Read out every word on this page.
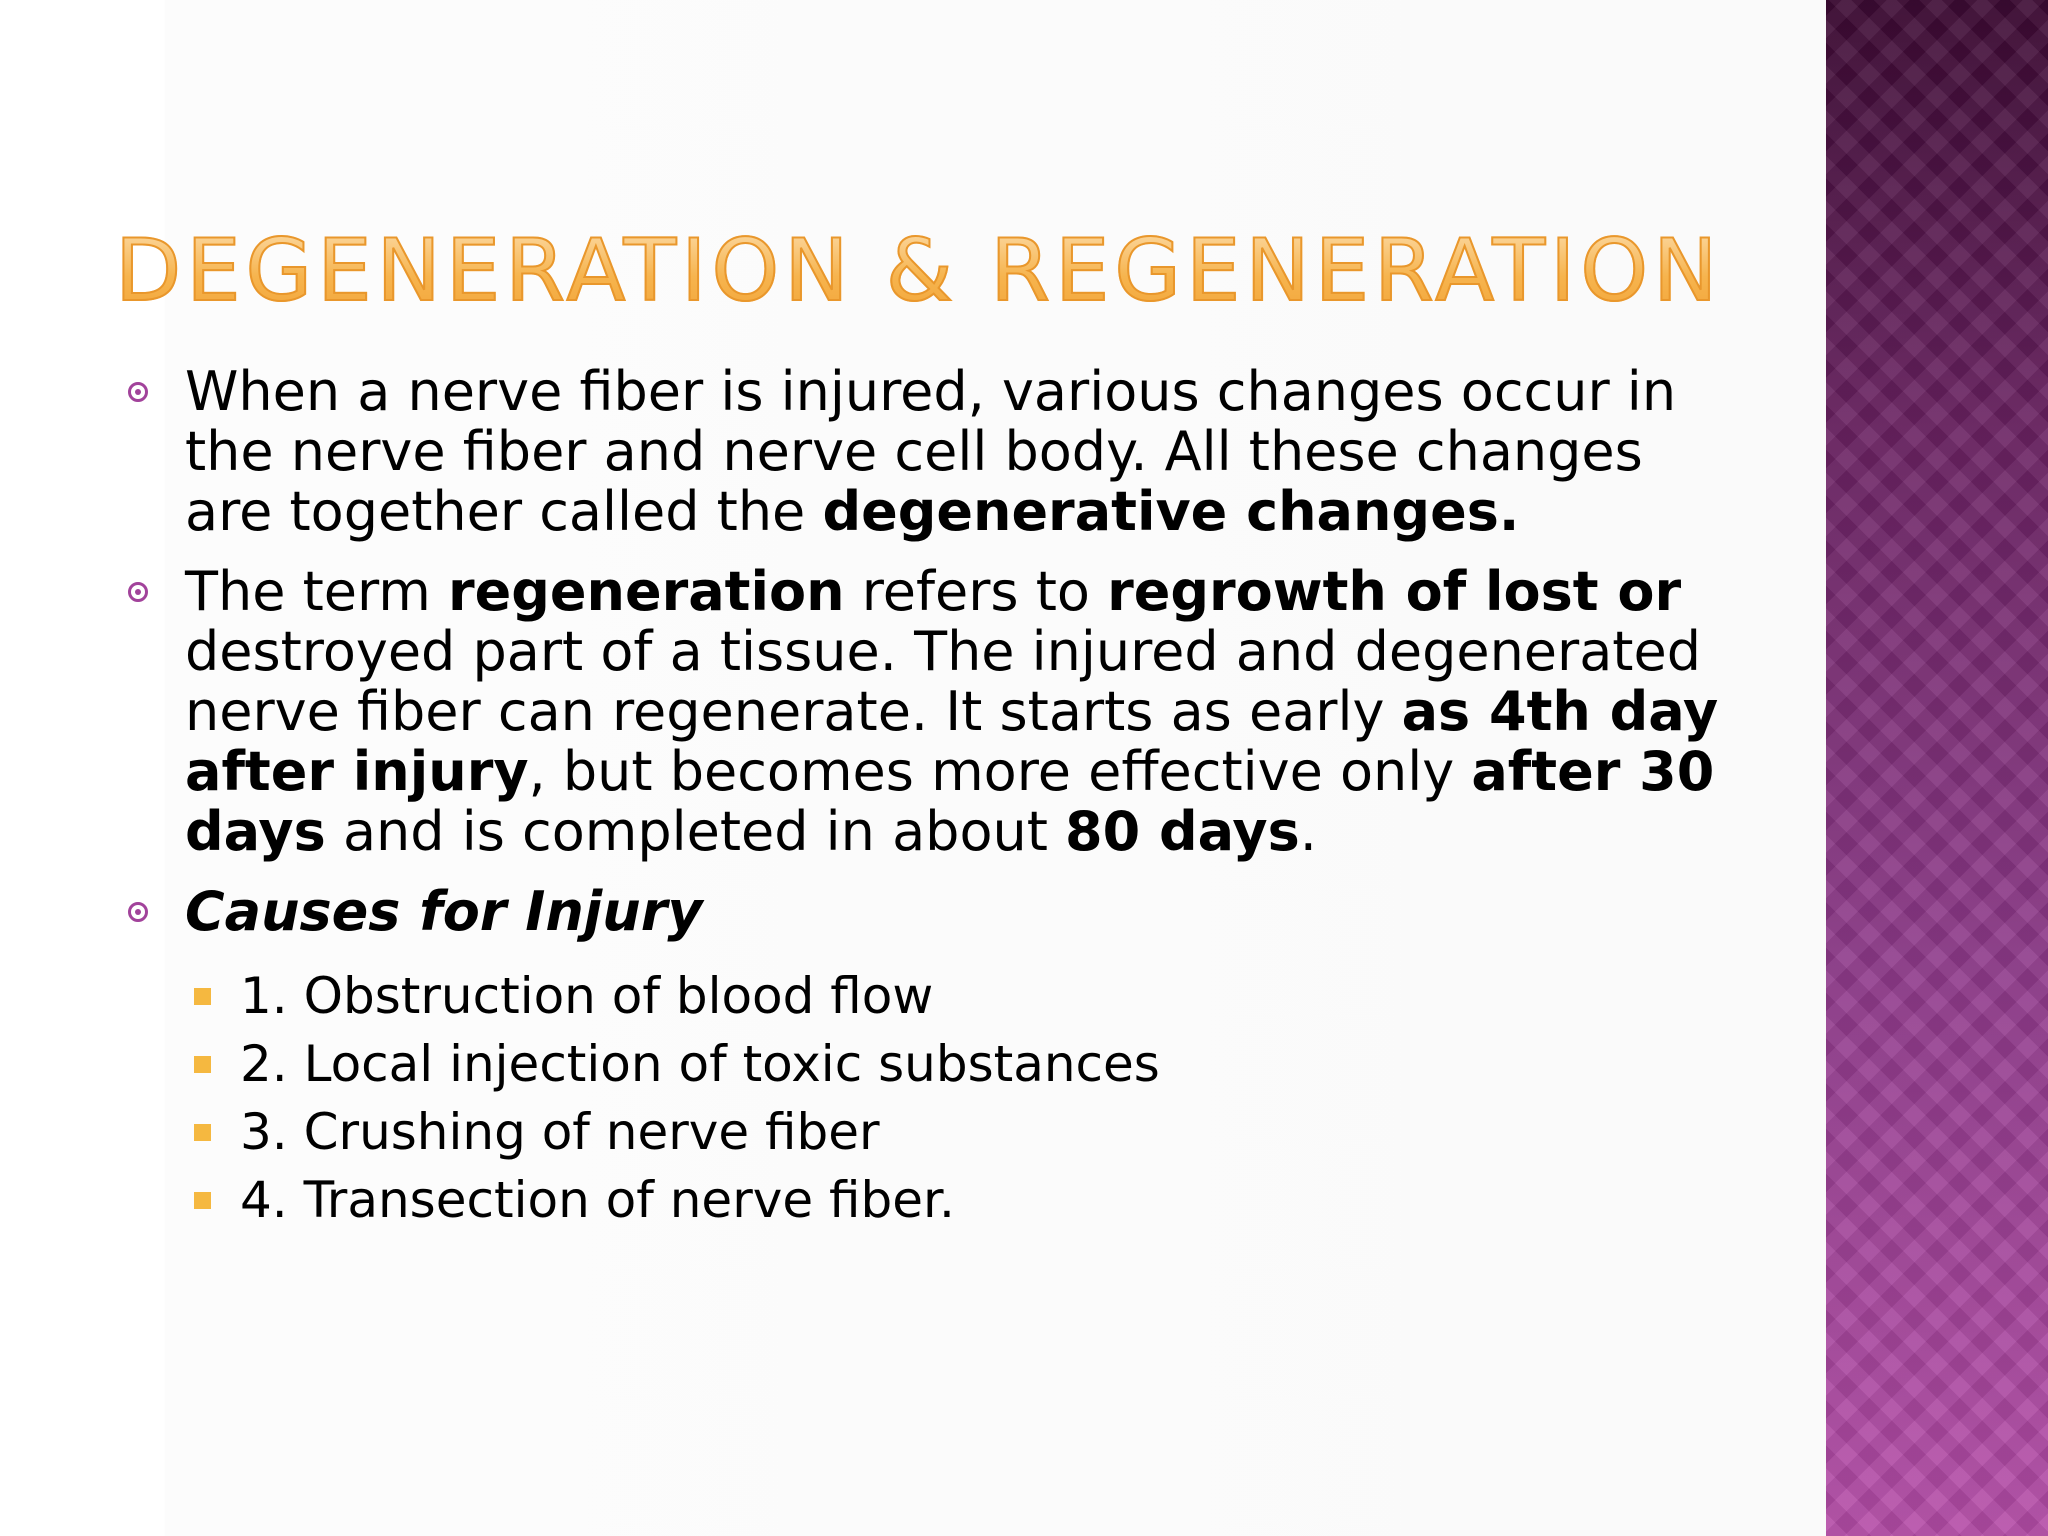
DEGENERATION & REGENERATION
When a nerve fiber is injured, various changes occur in the nerve fiber and nerve cell body. All these changes are together called the degenerative changes.
The term regeneration refers to regrowth of lost or destroyed part of a tissue. The injured and degenerated nerve fiber can regenerate. It starts as early as 4th day after injury, but becomes more effective only after 30 days and is completed in about 80 days.
Causes for Injury
1. Obstruction of blood flow
2. Local injection of toxic substances
3. Crushing of nerve fiber
4. Transection of nerve fiber.
